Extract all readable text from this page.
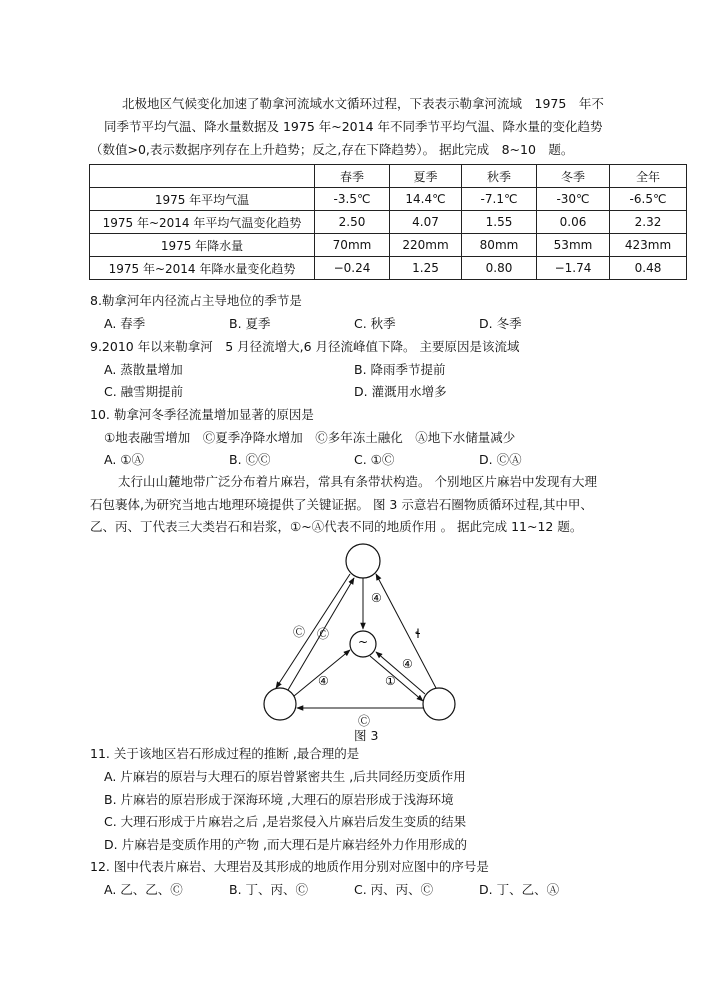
北极地区气候变化加速了勒拿河流域水文循环过程，下表表示勒拿河流域　1975　年不
同季节平均气温、降水量数据及 1975 年~2014 年不同季节平均气温、降水量的变化趋势
（数值>0,表示数据序列存在上升趋势；反之,存在下降趋势）。 据此完成　8~10　题。
	春季	夏季	秋季	冬季	全年
1975 年平均气温	-3.5℃	14.4℃	-7.1℃	-30℃	-6.5℃
1975 年~2014 年平均气温变化趋势	2.50	4.07	1.55	0.06	2.32
1975 年降水量	70mm	220mm	80mm	53mm	423mm
1975 年~2014 年降水量变化趋势	−0.24	1.25	0.80	−1.74	0.48
8.勒拿河年内径流占主导地位的季节是
A. 春季	B. 夏季	C. 秋季	D. 冬季
9.2010 年以来勒拿河　5 月径流增大,6 月径流峰值下降。 主要原因是该流域
A. 蒸散量增加	B. 降雨季节提前
C. 融雪期提前	D. 灌溉用水增多
10. 勒拿河冬季径流量增加显著的原因是
①地表融雪增加　Ⓒ夏季净降水增加　Ⓒ多年冻土融化　Ⓐ地下水储量减少
A. ①Ⓐ	B. ⒸⒸ	C. ①Ⓒ	D. ⒸⒶ
太行山山麓地带广泛分布着片麻岩，常具有条带状构造。 个别地区片麻岩中发现有大理
石包裹体,为研究当地古地理环境提供了关键证据。 图 3 示意岩石圈物质循环过程,其中甲、
乙、丙、丁代表三大类岩石和岩浆，①~Ⓐ代表不同的地质作用 。 据此完成 11~12 题。
④
Ⓒ Ⓒ
~
ɬ
④
①
④
Ⓒ
图 3
11. 关于该地区岩石形成过程的推断 ,最合理的是
A. 片麻岩的原岩与大理石的原岩曾紧密共生 ,后共同经历变质作用
B. 片麻岩的原岩形成于深海环境 ,大理石的原岩形成于浅海环境
C. 大理石形成于片麻岩之后 ,是岩浆侵入片麻岩后发生变质的结果
D. 片麻岩是变质作用的产物 ,而大理石是片麻岩经外力作用形成的
12. 图中代表片麻岩、大理岩及其形成的地质作用分别对应图中的序号是
A. 乙、乙、Ⓒ	B. 丁、丙、Ⓒ	C. 丙、丙、Ⓒ	D. 丁、乙、Ⓐ
